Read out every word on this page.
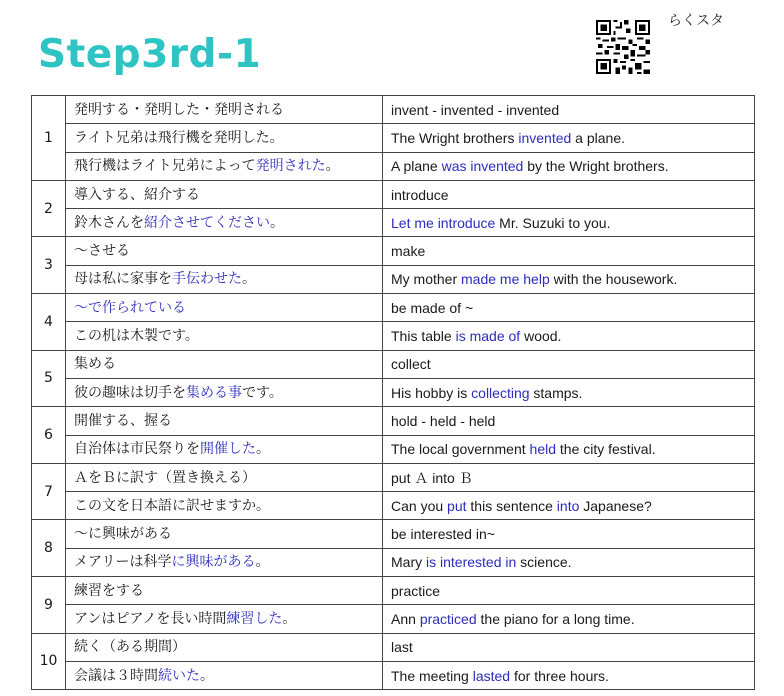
Step3rd-1
らくスタ
1	発明する・発明した・発明される	invent - invented - invented
	ライト兄弟は飛行機を発明した。	The Wright brothers invented a plane.
	飛行機はライト兄弟によって発明された。	A plane was invented by the Wright brothers.
2	導入する、紹介する	introduce
	鈴木さんを紹介させてください。	Let me introduce Mr. Suzuki to you.
3	～させる	make
	母は私に家事を手伝わせた。	My mother made me help with the housework.
4	～で作られている	be made of ~
	この机は木製です。	This table is made of wood.
5	集める	collect
	彼の趣味は切手を集める事です。	His hobby is collecting stamps.
6	開催する、握る	hold - held - held
	自治体は市民祭りを開催した。	The local government held the city festival.
7	ＡをＢに訳す（置き換える）	put Ａ into Ｂ
	この文を日本語に訳せますか。	Can you put this sentence into Japanese?
8	～に興味がある	be interested in~
	メアリーは科学に興味がある。	Mary is interested in science.
9	練習をする	practice
	アンはピアノを長い時間練習した。	Ann practiced the piano for a long time.
10	続く（ある期間）	last
	会議は３時間続いた。	The meeting lasted for three hours.
